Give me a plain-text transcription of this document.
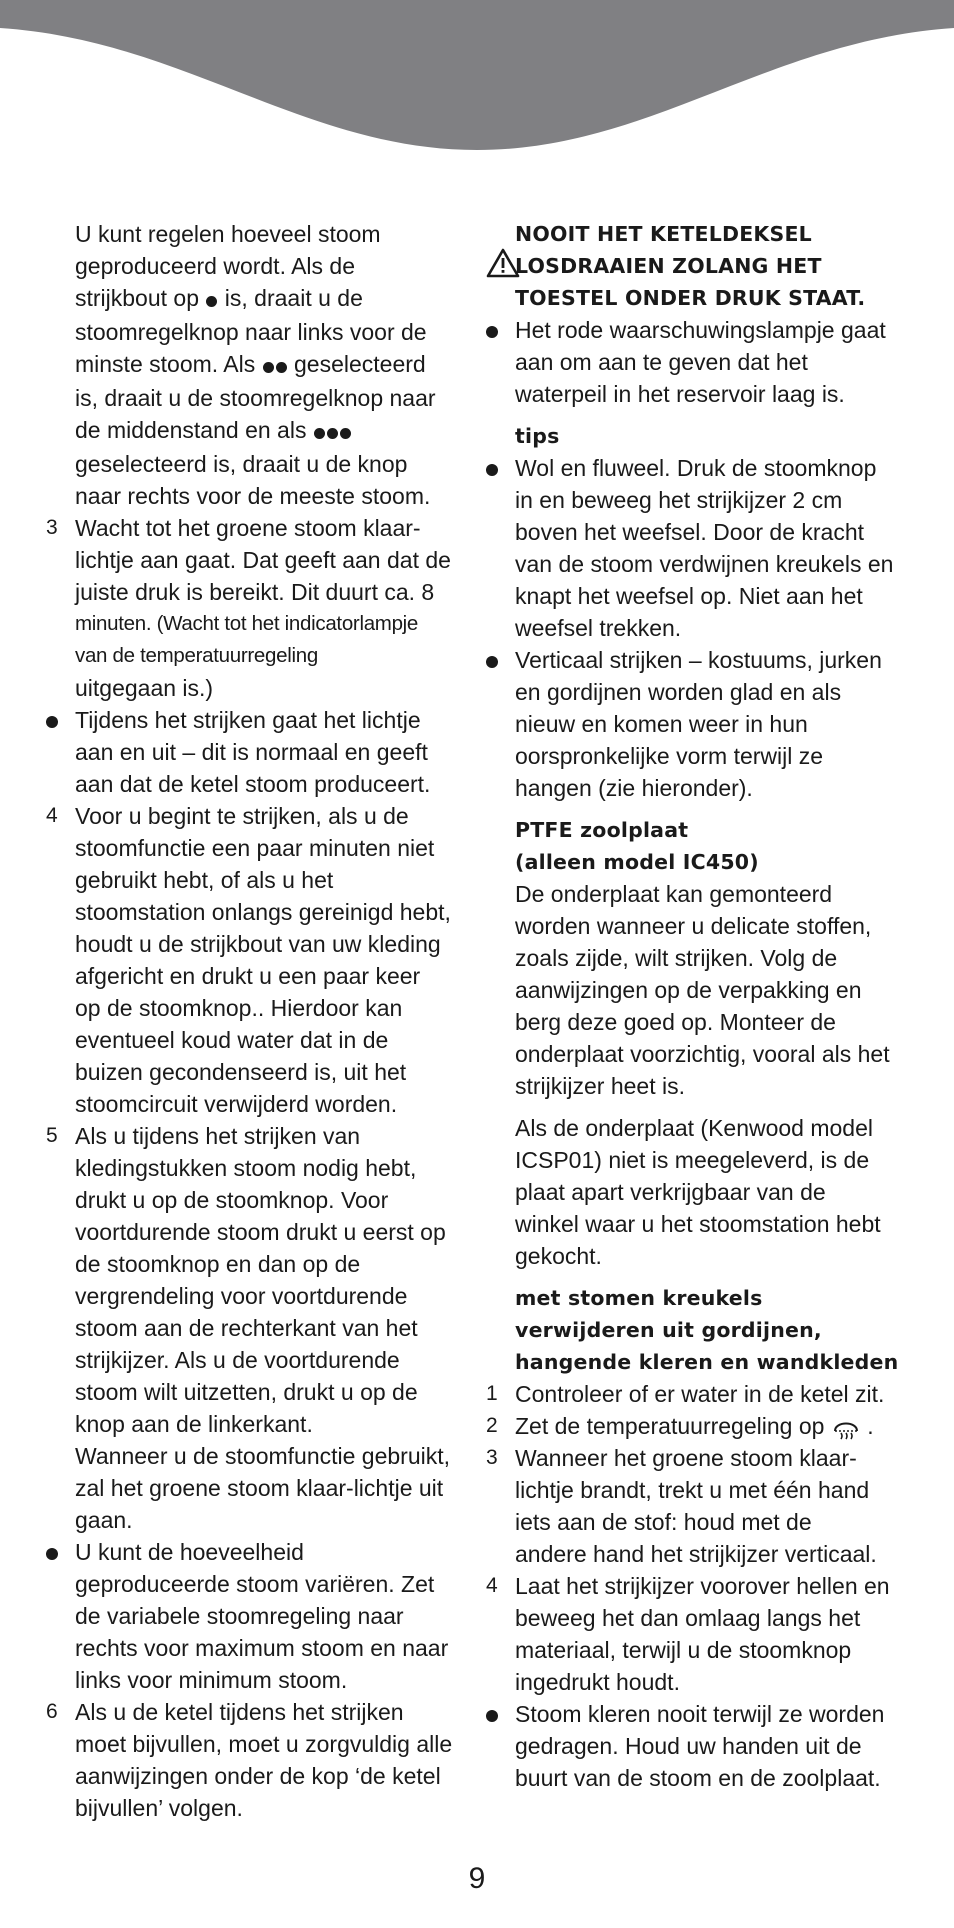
U kunt regelen hoeveel stoom
geproduceerd wordt. Als de
strijkbout op  is, draait u de
stoomregelknop naar links voor de
minste stoom. Als  geselecteerd
is, draait u de stoomregelknop naar
de middenstand en als
geselecteerd is, draait u de knop
naar rechts voor de meeste stoom.
3 Wacht tot het groene stoom klaar-
lichtje aan gaat. Dat geeft aan dat de
juiste druk is bereikt. Dit duurt ca. 8
minuten. (Wacht tot het indicatorlampje
van de temperatuurregeling
uitgegaan is.)
Tijdens het strijken gaat het lichtje
aan en uit – dit is normaal en geeft
aan dat de ketel stoom produceert.
4 Voor u begint te strijken, als u de
stoomfunctie een paar minuten niet
gebruikt hebt, of als u het
stoomstation onlangs gereinigd hebt,
houdt u de strijkbout van uw kleding
afgericht en drukt u een paar keer
op de stoomknop.. Hierdoor kan
eventueel koud water dat in de
buizen gecondenseerd is, uit het
stoomcircuit verwijderd worden.
5 Als u tijdens het strijken van
kledingstukken stoom nodig hebt,
drukt u op de stoomknop. Voor
voortdurende stoom drukt u eerst op
de stoomknop en dan op de
vergrendeling voor voortdurende
stoom aan de rechterkant van het
strijkijzer. Als u de voortdurende
stoom wilt uitzetten, drukt u op de
knop aan de linkerkant.
Wanneer u de stoomfunctie gebruikt,
zal het groene stoom klaar-lichtje uit
gaan.
U kunt de hoeveelheid
geproduceerde stoom variëren. Zet
de variabele stoomregeling naar
rechts voor maximum stoom en naar
links voor minimum stoom.
6 Als u de ketel tijdens het strijken
moet bijvullen, moet u zorgvuldig alle
aanwijzingen onder de kop ‘de ketel
bijvullen’ volgen.
NOOIT HET KETELDEKSEL
LOSDRAAIEN ZOLANG HET
TOESTEL ONDER DRUK STAAT.
Het rode waarschuwingslampje gaat
aan om aan te geven dat het
waterpeil in het reservoir laag is.
tips
Wol en fluweel. Druk de stoomknop
in en beweeg het strijkijzer 2 cm
boven het weefsel. Door de kracht
van de stoom verdwijnen kreukels en
knapt het weefsel op. Niet aan het
weefsel trekken.
Verticaal strijken – kostuums, jurken
en gordijnen worden glad en als
nieuw en komen weer in hun
oorspronkelijke vorm terwijl ze
hangen (zie hieronder).
PTFE zoolplaat
(alleen model IC450)
De onderplaat kan gemonteerd
worden wanneer u delicate stoffen,
zoals zijde, wilt strijken. Volg de
aanwijzingen op de verpakking en
berg deze goed op. Monteer de
onderplaat voorzichtig, vooral als het
strijkijzer heet is.
Als de onderplaat (Kenwood model
ICSP01) niet is meegeleverd, is de
plaat apart verkrijgbaar van de
winkel waar u het stoomstation hebt
gekocht.
met stomen kreukels
verwijderen uit gordijnen,
hangende kleren en wandkleden
1 Controleer of er water in de ketel zit.
2 Zet de temperatuurregeling op  .
3 Wanneer het groene stoom klaar-
lichtje brandt, trekt u met één hand
iets aan de stof: houd met de
andere hand het strijkijzer verticaal.
4 Laat het strijkijzer voorover hellen en
beweeg het dan omlaag langs het
materiaal, terwijl u de stoomknop
ingedrukt houdt.
Stoom kleren nooit terwijl ze worden
gedragen. Houd uw handen uit de
buurt van de stoom en de zoolplaat.
9
